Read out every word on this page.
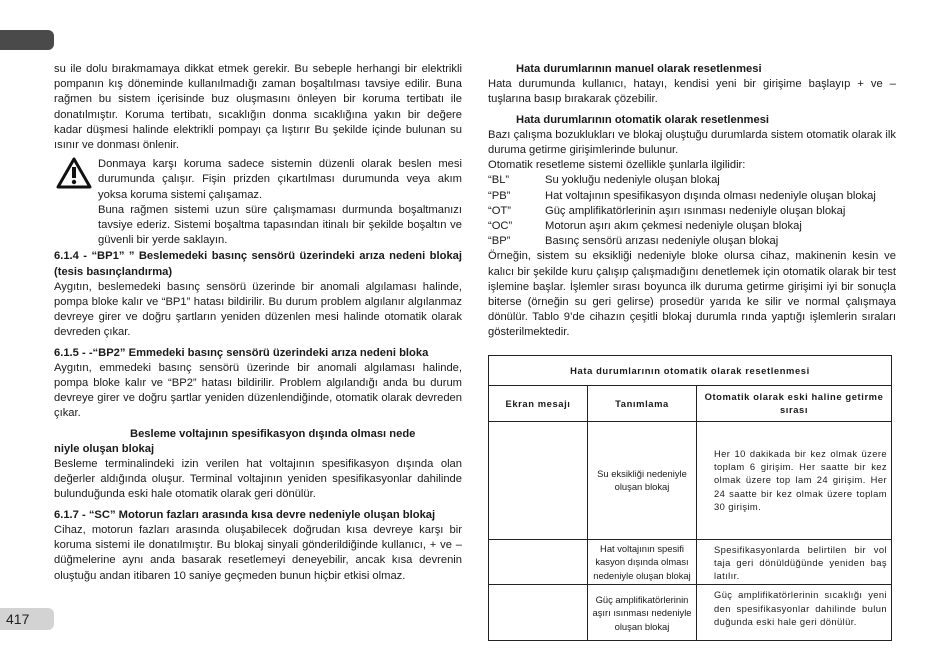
su ile dolu bırakmamaya dikkat etmek gerekir. Bu sebeple herhangi bir elektrikli pompanın kış döneminde kullanılmadığı zaman boşaltılması tavsiye edilir. Buna rağmen bu sistem içerisinde buz oluşmasını önleyen bir koruma tertibatı ile donatılmıştır. Koruma tertibatı, sıcaklığın donma sıcaklığına yakın bir değere kadar düşmesi halinde elektrikli pompayı ça lıştırır Bu şekilde içinde bulunan su ısınır ve donması önlenir.

Donmaya karşı koruma sadece sistemin düzenli olarak beslen mesi durumunda çalışır. Fişin prizden çıkartılması durumunda veya akım yoksa koruma sistemi çalışamaz.

Buna rağmen sistemi uzun süre çalışmaması durmunda boşaltmanızı tavsiye ederiz. Sistemi boşaltma tapasından itinalı bir şekilde boşaltın ve güvenli bir yerde saklayın.

6.1.4 - “BP1” ” Beslemedeki basınç sensörü üzerindeki arıza nedeni blokaj (tesis basınçlandırma)

Aygıtın, beslemedeki basınç sensörü üzerinde bir anomali algılaması halinde, pompa bloke kalır ve “BP1” hatası bildirilir. Bu durum problem algılanır algılanmaz devreye girer ve doğru şartların yeniden düzenlen mesi halinde otomatik olarak devreden çıkar.

6.1.5 - -“BP2” Emmedeki basınç sensörü üzerindeki arıza nedeni bloka

Aygıtın, emmedeki basınç sensörü üzerinde bir anomali algılaması halinde, pompa bloke kalır ve “BP2” hatası bildirilir. Problem algılandığı anda bu durum devreye girer ve doğru şartlar yeniden düzenlendiğinde, otomatik olarak devreden çıkar.

Besleme voltajının spesifikasyon dışında olması nede

niyle oluşan blokaj

Besleme terminalindeki izin verilen hat voltajının spesifikasyon dışında olan değerler aldığında oluşur. Terminal voltajının yeniden spesifikasyonlar dahilinde bulunduğunda eski hale otomatik olarak geri dönülür.

6.1.7 - “SC” Motorun fazları arasında kısa devre nedeniyle oluşan blokaj

Cihaz, motorun fazları arasında oluşabilecek doğrudan kısa devreye karşı bir koruma sistemi ile donatılmıştır. Bu blokaj sinyali gönderildiğinde kullanıcı, + ve – düğmelerine aynı anda basarak resetlemeyi deneyebilir, ancak kısa devrenin oluştuğu andan itibaren 10 saniye geçmeden bunun hiçbir etkisi olmaz.

Hata durumlarının manuel olarak resetlenmesi

Hata durumunda kullanıcı, hatayı, kendisi yeni bir girişime başlayıp + ve – tuşlarına basıp bırakarak çözebilir.

Hata durumlarının otomatik olarak resetlenmesi

Bazı çalışma bozuklukları ve blokaj oluştuğu durumlarda sistem otomatik olarak ilk duruma getirme girişimlerinde bulunur.

Otomatik resetleme sistemi özellikle şunlarla ilgilidir:

“BL”	Su yokluğu nedeniyle oluşan blokaj
“PB”	Hat voltajının spesifikasyon dışında olması nedeniyle oluşan blokaj
“OT”	Güç amplifikatörlerinin aşırı ısınması nedeniyle oluşan blokaj
“OC”	Motorun aşırı akım çekmesi nedeniyle oluşan blokaj
“BP”	Basınç sensörü arızası nedeniyle oluşan blokaj

Örneğin, sistem su eksikliği nedeniyle bloke olursa cihaz, makinenin kesin ve kalıcı bir şekilde kuru çalışıp çalışmadığını denetlemek için otomatik olarak bir test işlemine başlar. İşlemler sırası boyunca ilk duruma getirme girişimi iyi bir sonuçla biterse (örneğin su geri gelirse) prosedür yarıda ke silir ve normal çalışmaya dönülür. Tablo 9’de cihazın çeşitli blokaj durumla rında yaptığı işlemlerin sıraları gösterilmektedir.

Hata durumlarının otomatik olarak resetlenmesi		
Ekran mesajı	Tanımlama	Otomatik olarak eski haline getirme sırası
	Su eksikliği nedeniyle oluşan blokaj	Her 10 dakikada bir kez olmak üzere toplam 6 girişim. Her saatte bir kez olmak üzere top lam 24 girişim. Her 24 saatte bir kez olmak üzere toplam 30 girişim.
	Hat voltajının spesifi kasyon dışında olması nedeniyle oluşan blokaj	Spesifikasyonlarda belirtilen bir vol taja geri dönüldüğünde yeniden baş latılır.
	Güç amplifikatörlerinin aşırı ısınması nedeniyle oluşan blokaj	Güç amplifikatörlerinin sıcaklığı yeni den spesifikasyonlar dahilinde bulun duğunda eski hale geri dönülür.
417
